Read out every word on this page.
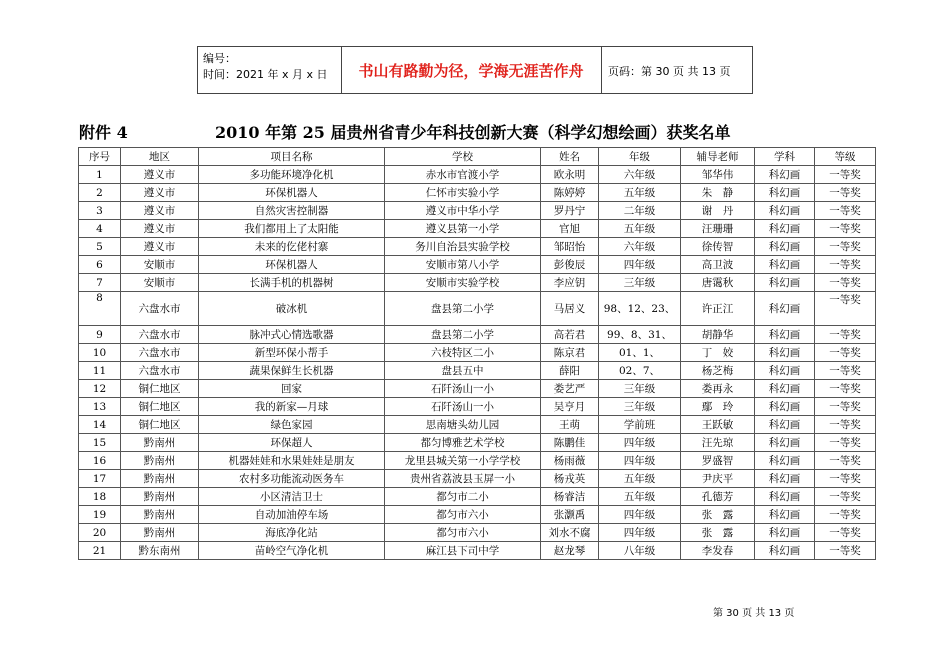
编号：
时间：2021 年 x 月 x 日	书山有路勤为径，学海无涯苦作舟	页码：第 30 页 共 13 页
附件 4	2010 年第 25 届贵州省青少年科技创新大赛（科学幻想绘画）获奖名单
序号	地区	项目名称	学校	姓名	年级	辅导老师	学科	等级
1	遵义市	多功能环境净化机	赤水市官渡小学	欧永明	六年级	邹华伟	科幻画	一等奖
2	遵义市	环保机器人	仁怀市实验小学	陈婷婷	五年级	朱　静	科幻画	一等奖
3	遵义市	自然灾害控制器	遵义市中华小学	罗丹宁	二年级	谢　丹	科幻画	一等奖
4	遵义市	我们都用上了太阳能	遵义县第一小学	官旭	五年级	汪珊珊	科幻画	一等奖
5	遵义市	未来的仡佬村寨	务川自治县实验学校	邹昭怡	六年级	徐传智	科幻画	一等奖
6	安顺市	环保机器人	安顺市第八小学	彭俊辰	四年级	高卫波	科幻画	一等奖
7	安顺市	长满手机的机器树	安顺市实验学校	李应钥	三年级	唐霭秋	科幻画	一等奖
8	六盘水市	破冰机	盘县第二小学	马居义	98、12、23、	许正江	科幻画	一等奖
9	六盘水市	脉冲式心情选歌器	盘县第二小学	高若君	99、8、31、	胡静华	科幻画	一等奖
10	六盘水市	新型环保小帮手	六枝特区二小	陈京君	01、1、	丁　姣	科幻画	一等奖
11	六盘水市	蔬果保鲜生长机器	盘县五中	薛阳	02、7、	杨芝梅	科幻画	一等奖
12	铜仁地区	回家	石阡汤山一小	娄艺严	三年级	娄再永	科幻画	一等奖
13	铜仁地区	我的新家—月球	石阡汤山一小	吴亨月	三年级	鄢　玲	科幻画	一等奖
14	铜仁地区	绿色家园	思南塘头幼儿园	王萌	学前班	王跃敏	科幻画	一等奖
15	黔南州	环保超人	都匀博雅艺术学校	陈鹏佳	四年级	汪先琼	科幻画	一等奖
16	黔南州	机器娃娃和水果娃娃是朋友	龙里县城关第一小学学校	杨雨薇	四年级	罗盛智	科幻画	一等奖
17	黔南州	农村多功能流动医务车	贵州省荔波县玉屏一小	杨戎英	五年级	尹庆平	科幻画	一等奖
18	黔南州	小区清洁卫士	都匀市二小	杨睿洁	五年级	孔德芳	科幻画	一等奖
19	黔南州	自动加油停车场	都匀市六小	张灏禹	四年级	张　露	科幻画	一等奖
20	黔南州	海底净化站	都匀市六小	刘水不腐	四年级	张　露	科幻画	一等奖
21	黔东南州	苗岭空气净化机	麻江县下司中学	赵龙琴	八年级	李发春	科幻画	一等奖
第 30 页 共 13 页
